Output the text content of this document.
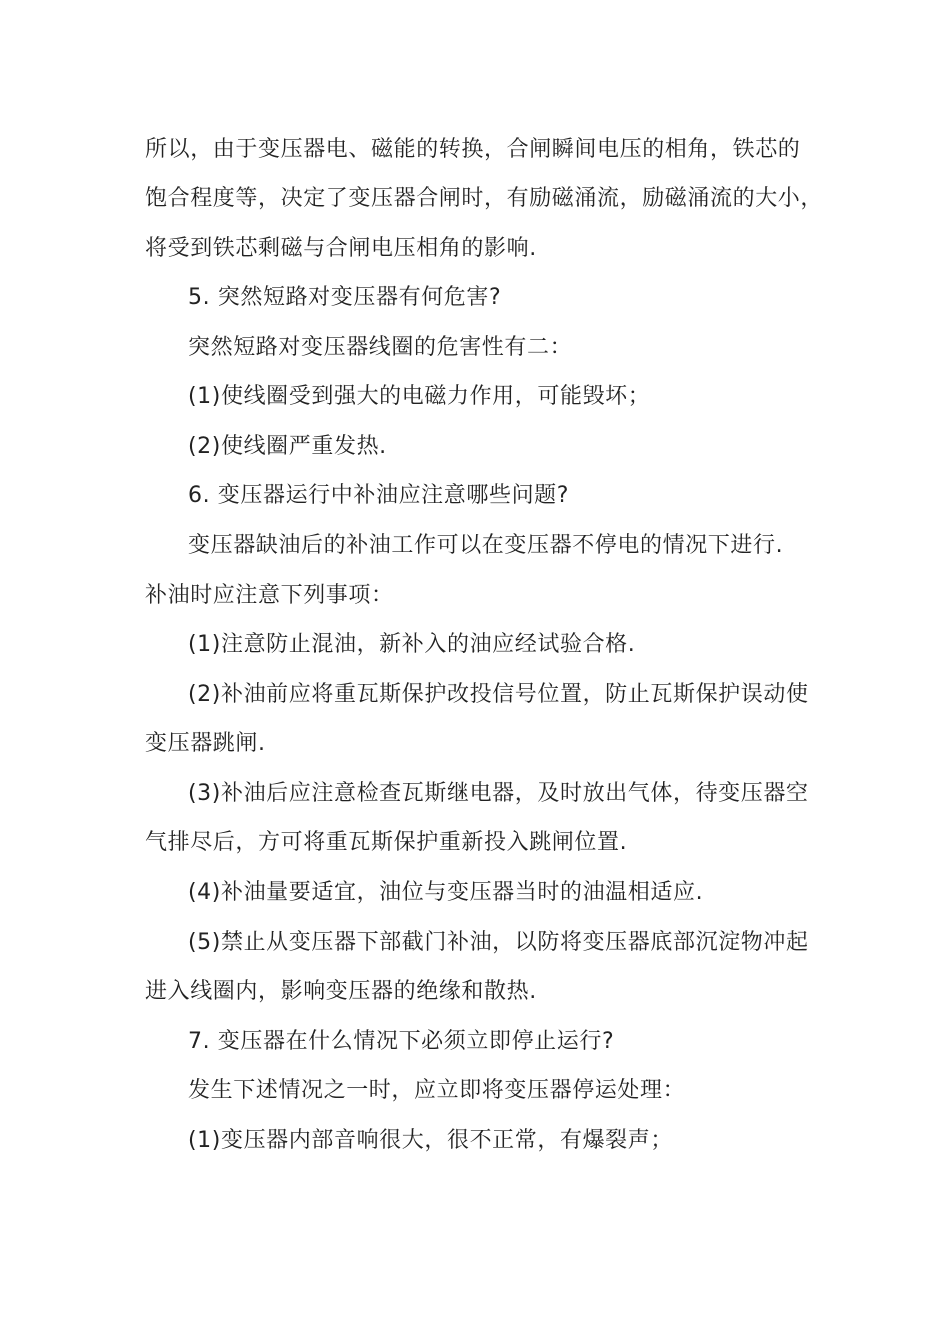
所以，由于变压器电、磁能的转换，合闸瞬间电压的相角，铁芯的
饱合程度等，决定了变压器合闸时，有励磁涌流，励磁涌流的大小，
将受到铁芯剩磁与合闸电压相角的影响.
5. 突然短路对变压器有何危害?
突然短路对变压器线圈的危害性有二：
(1)使线圈受到强大的电磁力作用，可能毁坏；
(2)使线圈严重发热.
6. 变压器运行中补油应注意哪些问题?
变压器缺油后的补油工作可以在变压器不停电的情况下进行.
补油时应注意下列事项：
(1)注意防止混油，新补入的油应经试验合格.
(2)补油前应将重瓦斯保护改投信号位置，防止瓦斯保护误动使
变压器跳闸.
(3)补油后应注意检查瓦斯继电器，及时放出气体，待变压器空
气排尽后，方可将重瓦斯保护重新投入跳闸位置.
(4)补油量要适宜，油位与变压器当时的油温相适应.
(5)禁止从变压器下部截门补油，以防将变压器底部沉淀物冲起
进入线圈内，影响变压器的绝缘和散热.
7. 变压器在什么情况下必须立即停止运行?
发生下述情况之一时，应立即将变压器停运处理：
(1)变压器内部音响很大，很不正常，有爆裂声；
